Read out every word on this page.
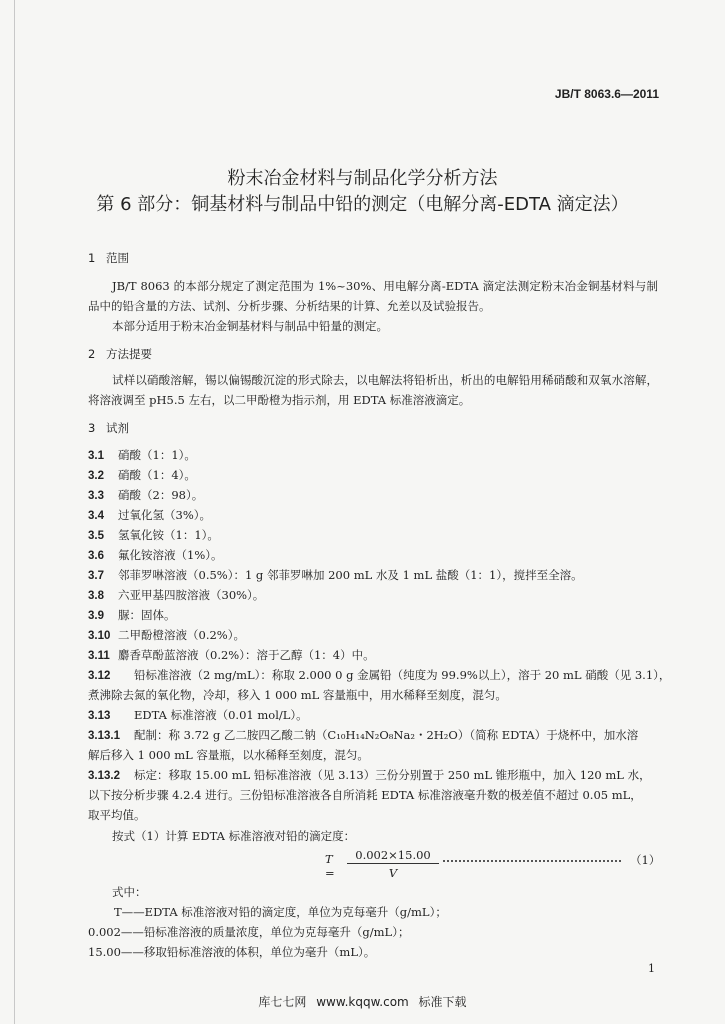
JB/T 8063.6—2011
粉末冶金材料与制品化学分析方法
第 6 部分：铜基材料与制品中铅的测定（电解分离-EDTA 滴定法）
1 范围
JB/T 8063 的本部分规定了测定范围为 1%~30%、用电解分离-EDTA 滴定法测定粉末冶金铜基材料与制品中的铅含量的方法、试剂、分析步骤、分析结果的计算、允差以及试验报告。
本部分适用于粉末冶金铜基材料与制品中铅量的测定。
2 方法提要
试样以硝酸溶解，锡以偏锡酸沉淀的形式除去，以电解法将铅析出，析出的电解铅用稀硝酸和双氧水溶解，将溶液调至 pH5.5 左右，以二甲酚橙为指示剂，用 EDTA 标准溶液滴定。
3 试剂
3.1 硝酸（1：1）。
3.2 硝酸（1：4）。
3.3 硝酸（2：98）。
3.4 过氧化氢（3%）。
3.5 氢氧化铵（1：1）。
3.6 氟化铵溶液（1%）。
3.7 邻菲罗啉溶液（0.5%）：1 g 邻菲罗啉加 200 mL 水及 1 mL 盐酸（1：1），搅拌至全溶。
3.8 六亚甲基四胺溶液（30%）。
3.9 脲：固体。
3.10 二甲酚橙溶液（0.2%）。
3.11 麝香草酚蓝溶液（0.2%）：溶于乙醇（1：4）中。
3.12 铅标准溶液（2 mg/mL）：称取 2.000 0 g 金属铅（纯度为 99.9%以上），溶于 20 mL 硝酸（见 3.1），
煮沸除去氮的氧化物，冷却，移入 1 000 mL 容量瓶中，用水稀释至刻度，混匀。
3.13 EDTA 标准溶液（0.01 mol/L）。
3.13.1 配制：称 3.72 g 乙二胺四乙酸二钠（C₁₀H₁₄N₂O₈Na₂・2H₂O）（简称 EDTA）于烧杯中，加水溶
解后移入 1 000 mL 容量瓶，以水稀释至刻度，混匀。
3.13.2 标定：移取 15.00 mL 铅标准溶液（见 3.13）三份分别置于 250 mL 锥形瓶中，加入 120 mL 水，
以下按分析步骤 4.2.4 进行。三份铅标准溶液各自所消耗 EDTA 标准溶液毫升数的极差值不超过 0.05 mL，
取平均值。
按式（1）计算 EDTA 标准溶液对铅的滴定度：
$T = \frac{0.002\times 15.00}{V}$	（1）
式中：
T——EDTA 标准溶液对铅的滴定度，单位为克每毫升（g/mL）；
0.002——铅标准溶液的质量浓度，单位为克每毫升（g/mL）；
15.00——移取铅标准溶液的体积，单位为毫升（mL）。
1
库七七网 www.kqqw.com 标准下载
